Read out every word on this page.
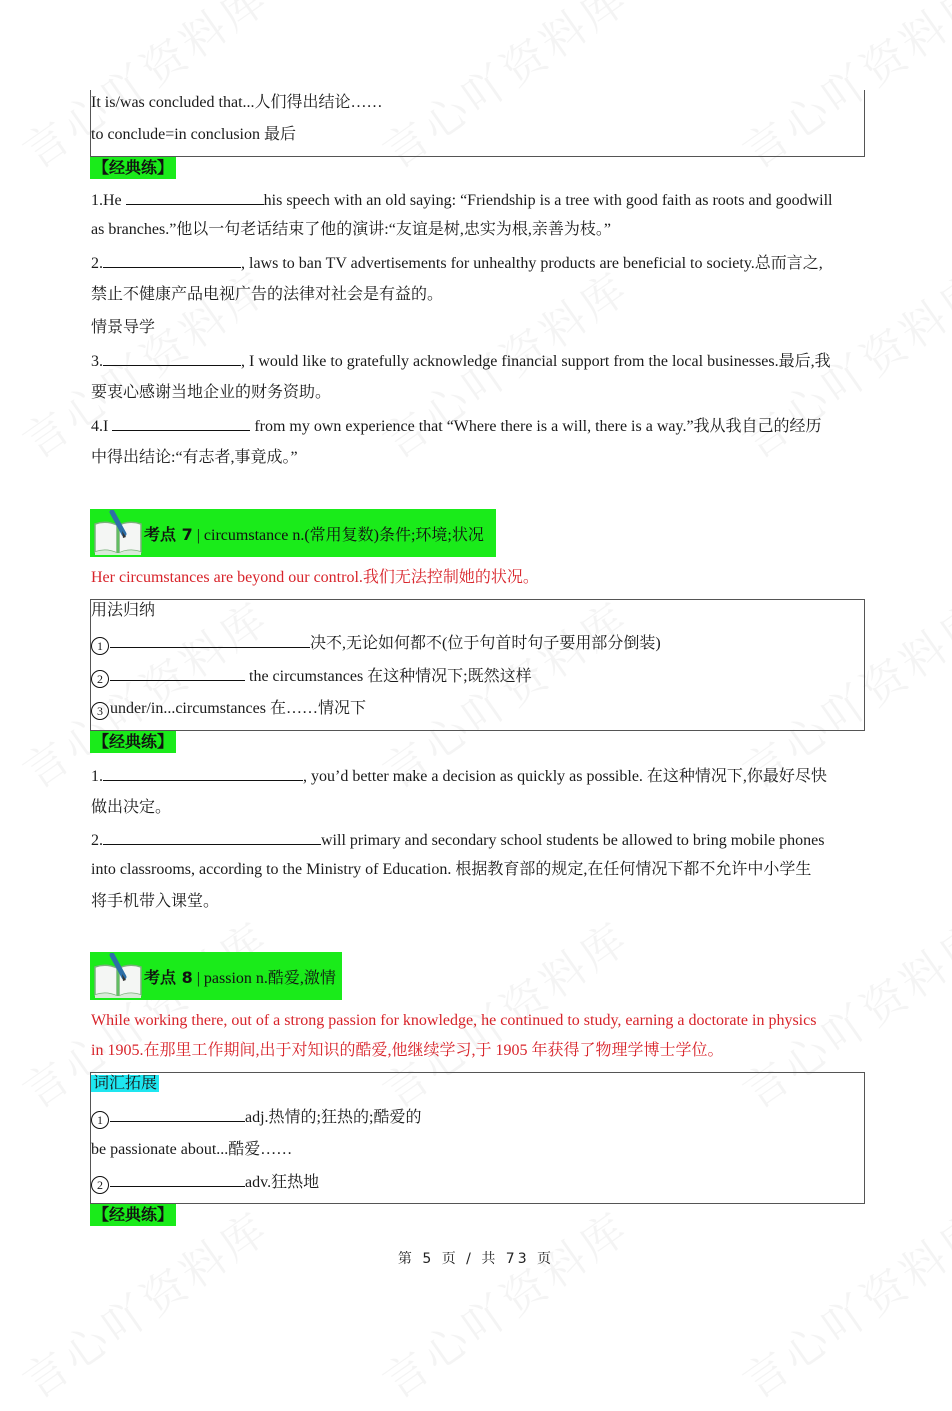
It is/was concluded that...人们得出结论……
to conclude=in conclusion 最后
【经典练】
1.He	his speech with an old saying: “Friendship is a tree with good faith as roots and goodwill
as branches.”他以一句老话结束了他的演讲:“友谊是树,忠实为根,亲善为枝。”
2.	, laws to ban TV advertisements for unhealthy products are beneficial to society.总而言之,
禁止不健康产品电视广告的法律对社会是有益的。
情景导学
3.	, I would like to gratefully acknowledge financial support from the local businesses.最后,我
要衷心感谢当地企业的财务资助。
4.I	from my own experience that “Where there is a will, there is a way.”我从我自己的经历
中得出结论:“有志者,事竟成。”
考点 7 | circumstance n.(常用复数)条件;环境;状况
Her circumstances are beyond our control.我们无法控制她的状况。
用法归纳
1	决不,无论如何都不(位于句首时句子要用部分倒装)
2	the circumstances 在这种情况下;既然这样
3 under/in...circumstances 在……情况下
【经典练】
1.	, you’d better make a decision as quickly as possible. 在这种情况下,你最好尽快
做出决定。
2.	will primary and secondary school students be allowed to bring mobile phones
into classrooms, according to the Ministry of Education. 根据教育部的规定,在任何情况下都不允许中小学生
将手机带入课堂。
考点 8 | passion n.酷爱,激情
While working there, out of a strong passion for knowledge, he continued to study, earning a doctorate in physics
in 1905.在那里工作期间,出于对知识的酷爱,他继续学习,于 1905 年获得了物理学博士学位。
词汇拓展
1	adj.热情的;狂热的;酷爱的
be passionate about...酷爱……
2	adv.狂热地
【经典练】
第 5 页 / 共 73 页
